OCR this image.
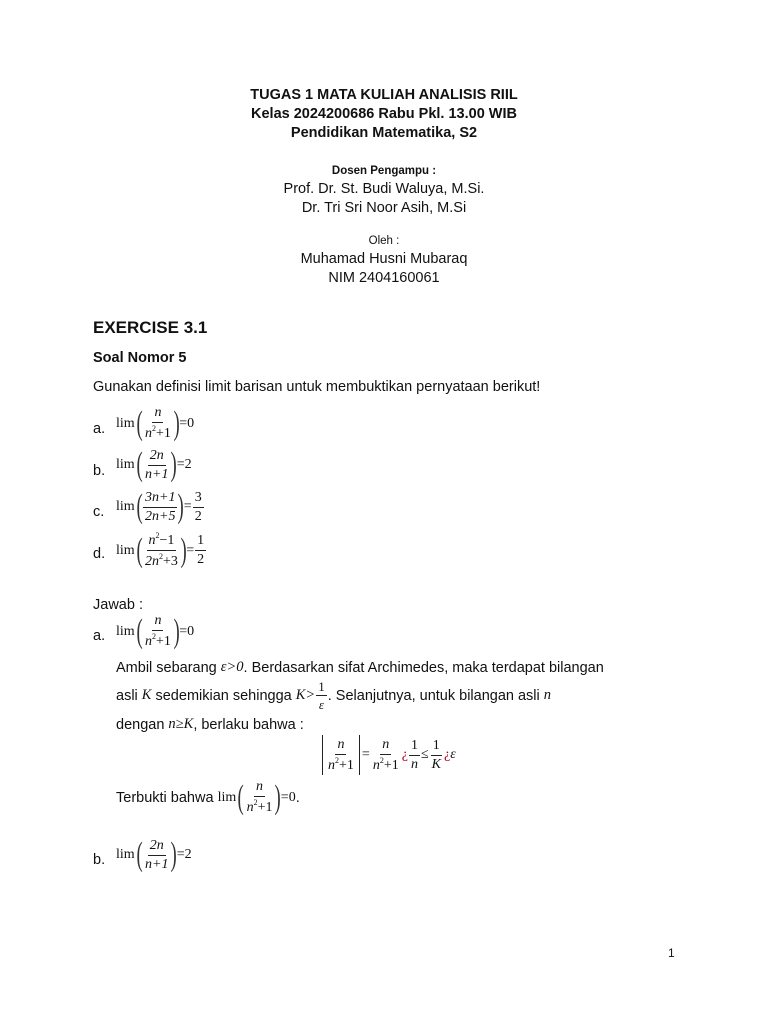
TUGAS 1 MATA KULIAH ANALISIS RIIL
Kelas 2024200686 Rabu Pkl. 13.00 WIB
Pendidikan Matematika, S2
Dosen Pengampu :
Prof. Dr. St. Budi Waluya, M.Si.
Dr. Tri Sri Noor Asih, M.Si
Oleh :
Muhamad Husni Mubaraq
NIM 2404160061
EXERCISE 3.1
Soal Nomor 5
Gunakan definisi limit barisan untuk membuktikan pernyataan berikut!
a. lim ( $\frac{n}{n^2+1}$ ) =0
b. lim ( $\frac{2n}{n+1}$ ) =2
c. lim ( $\frac{3n+1}{2n+5}$ ) = $\frac{3}{2}$
d. lim ( $\frac{n^2-1}{2n^2+3}$ ) = $\frac{1}{2}$
Jawab :
a. lim ( $\frac{n}{n^2+1}$ ) =0
Ambil sebarang ε>0 . Berdasarkan sifat Archimedes, maka terdapat bilangan
asli K sedemikian sehingga $K> \frac{1}{\varepsilon}$ . Selanjutnya, untuk bilangan asli n
dengan n≥K , berlaku bahwa :
$\frac{n}{n^2+1} = \frac{n}{n^2+1}$ ¿ $\frac{1}{n} \le \frac{1}{K}$ ¿ ε
Terbukti bahwa lim ( $\frac{n}{n^2+1}$ ) =0 .
b. lim ( $\frac{2n}{n+1}$ ) =2
1
